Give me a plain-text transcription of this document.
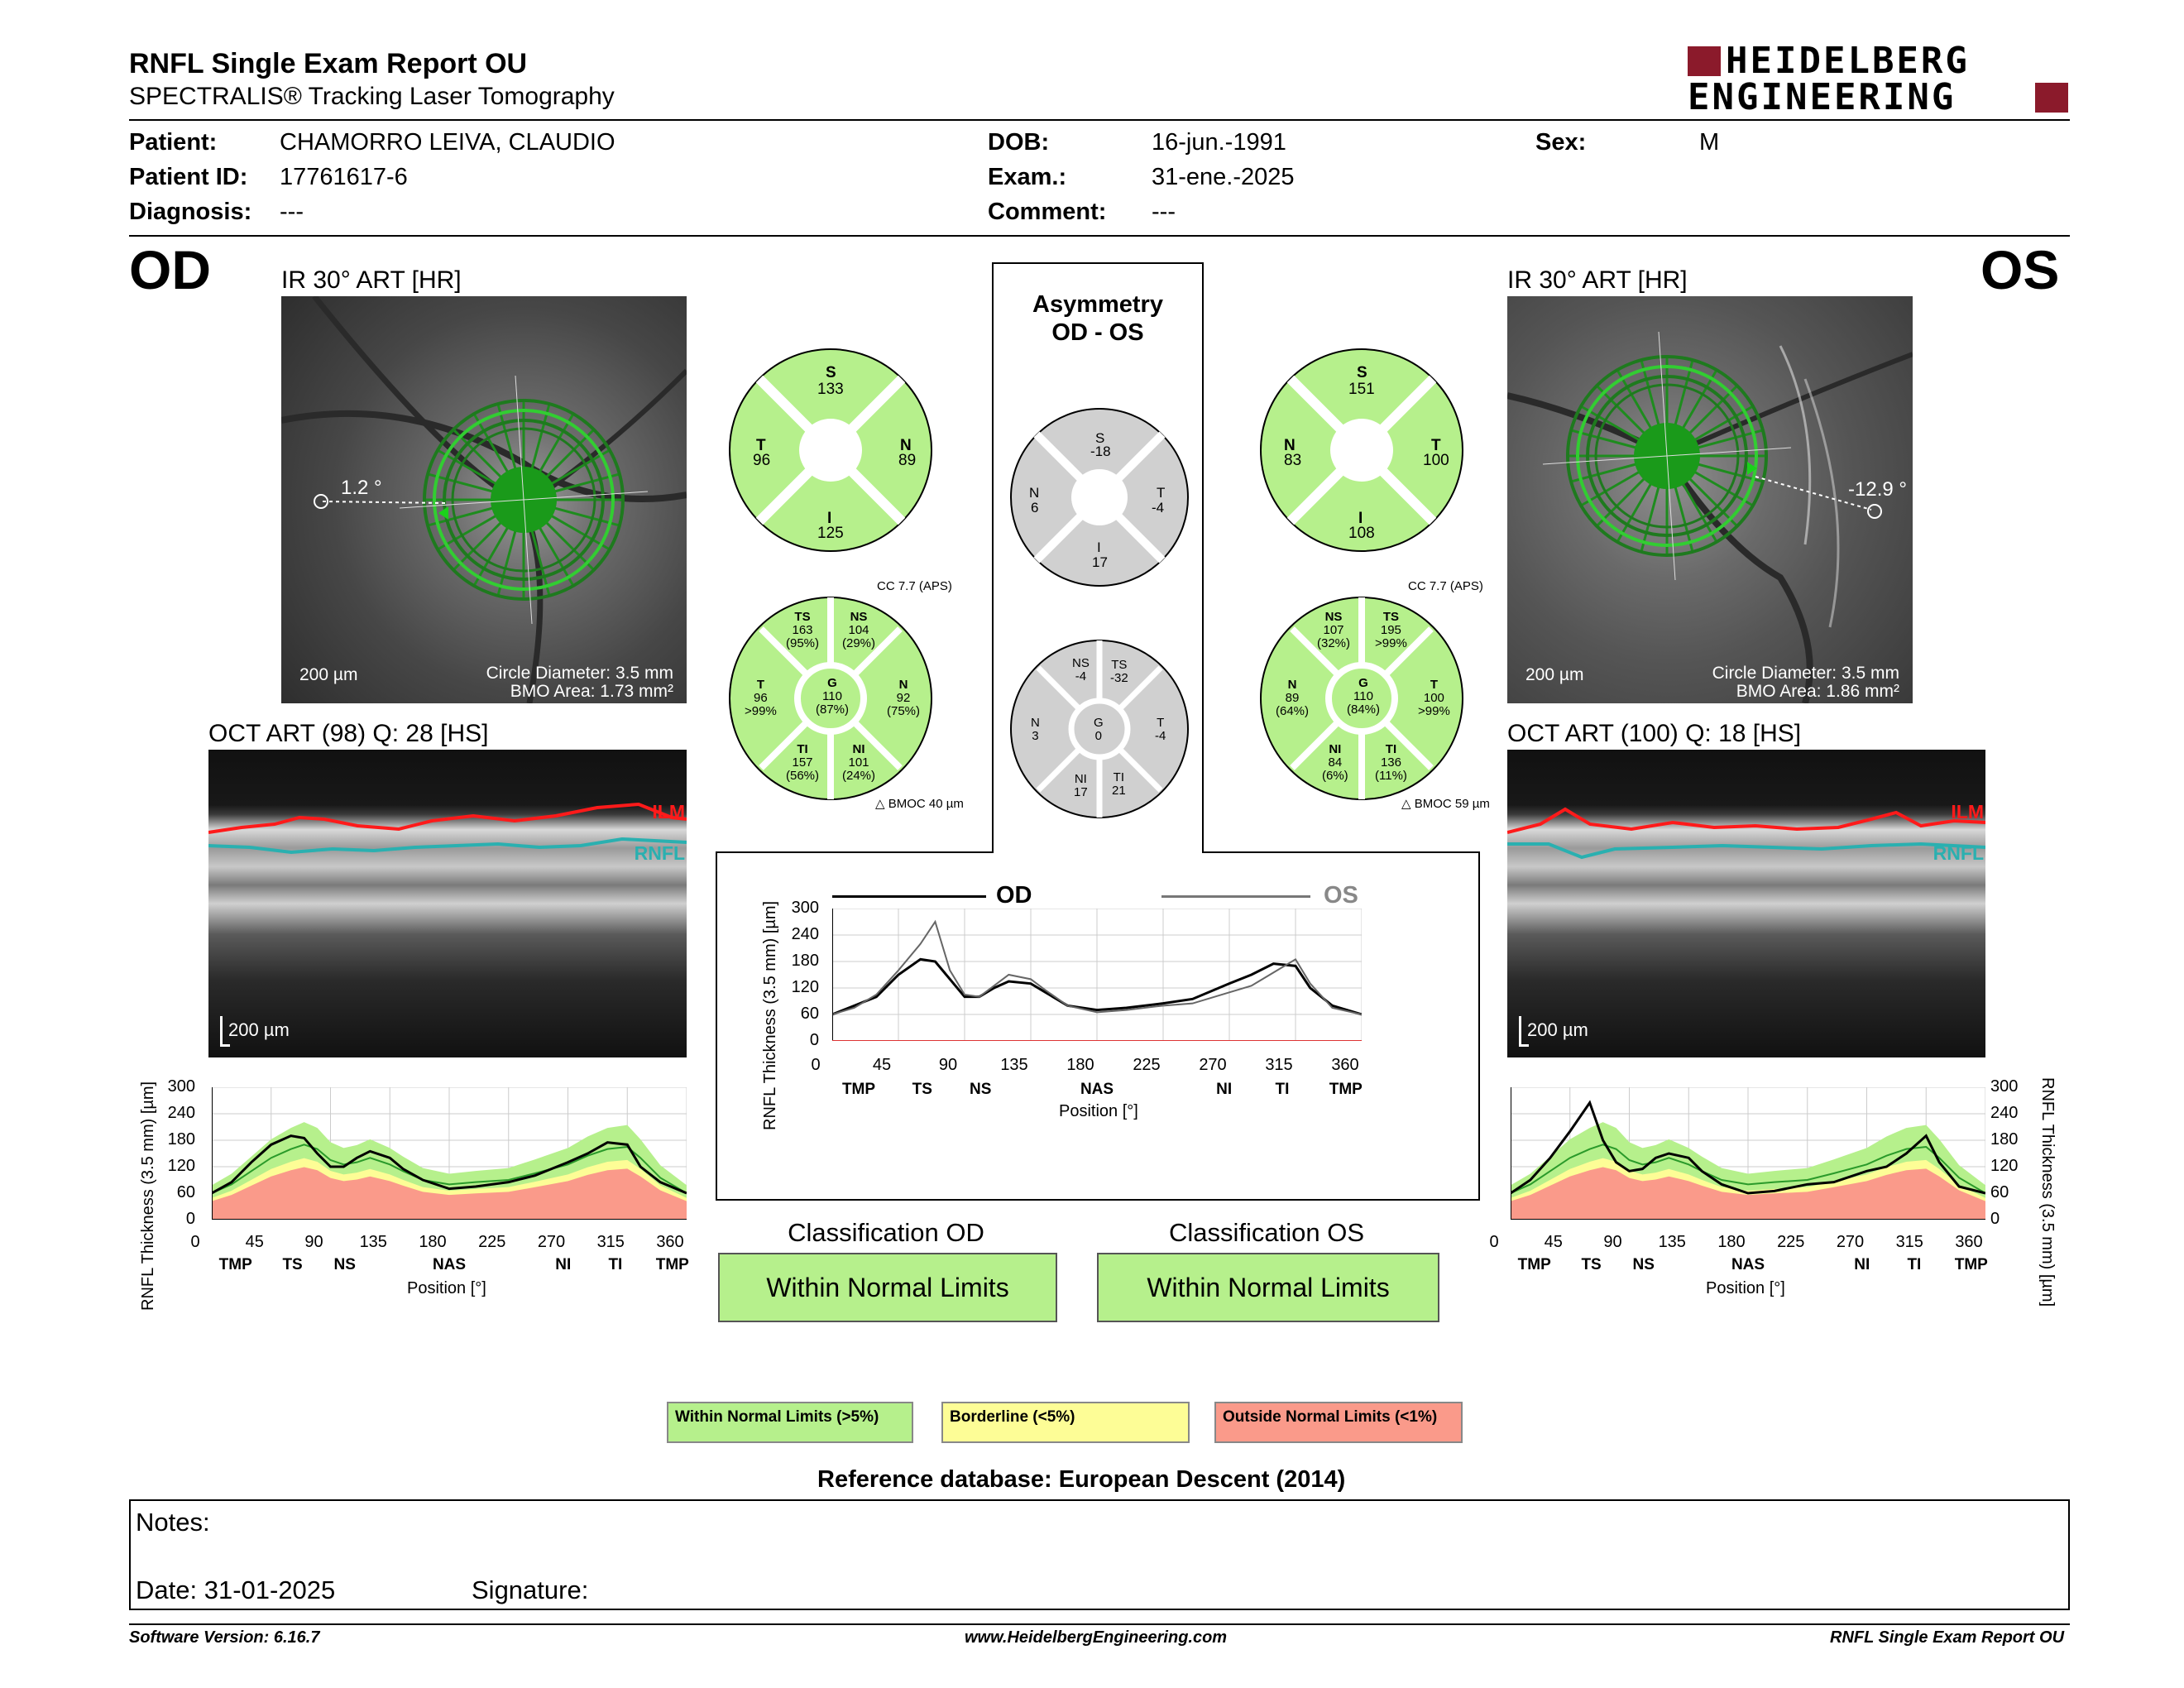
RNFL Single Exam Report OU
SPECTRALIS® Tracking Laser Tomography
HEIDELBERG
ENGINEERING
Patient:	CHAMORRO LEIVA, CLAUDIO
Patient ID: 17761617-6
Diagnosis: ---
DOB:	16-jun.-1991
Exam.:	31-ene.-2025
Comment: ---
Sex:	M
OD	OS
IR 30° ART [HR]
1.2 °
200 µm	Circle Diameter: 3.5 mm
BMO Area: 1.73 mm²
IR 30° ART [HR]
-12.9 °
200 µm	Circle Diameter: 3.5 mm
BMO Area: 1.86 mm²
OCT ART (98) Q: 28 [HS]
ILM
RNFL
200 µm
OCT ART (100) Q: 18 [HS]
ILM
RNFL
200 µm
Asymmetry
OD - OS
S
133
T
96
N
89
I
125
S
-18
N
6
T
-4
I
17
S
151
N
83
T
100
I
108
CC 7.7 (APS)
TS
163
(95%)
NS
104
(29%)
T
96
>99%
G
110
(87%)
N
92
(75%)
TI
157
(56%)
NI
101
(24%)
△ BMOC 40 µm
NS
-4
TS
-32
N
3
G
0
T
-4
NI
17
TI
21
CC 7.7 (APS)
NS
107
(32%)
TS
195
>99%
N
89
(64%)
G
110
(84%)
T
100
>99%
NI
84
(6%)
TI
136
(11%)
△ BMOC 59 µm
OD	OS
300
240
180
120
60
0
0	45	90	135 180 225 270 315 360
TMP TS NS	NAS	NI	TI	TMP
Position [°]
RNFL Thickness (3.5 mm) [µm]
300
240
180
120
60
0
0	45 90 135 180 225 270 315 360
TMP TS NS	NAS	NI TI TMP
Position [°]
RNFL Thickness (3.5 mm) [µm]	300
240
180
120
60
0
0	45 90 135 180 225 270 315 360
TMP TS NS	NAS	NI TI TMP
Position [°]	RNFL Thickness (3.5 mm) [µm]
Classification OD
Within Normal Limits
Classification OS
Within Normal Limits
Within Normal Limits (>5%)	Borderline (<5%)	Outside Normal Limits (<1%)
Reference database: European Descent (2014)
Notes:
Date: 31-01-2025	Signature:
Software Version: 6.16.7	www.HeidelbergEngineering.com	RNFL Single Exam Report OU
